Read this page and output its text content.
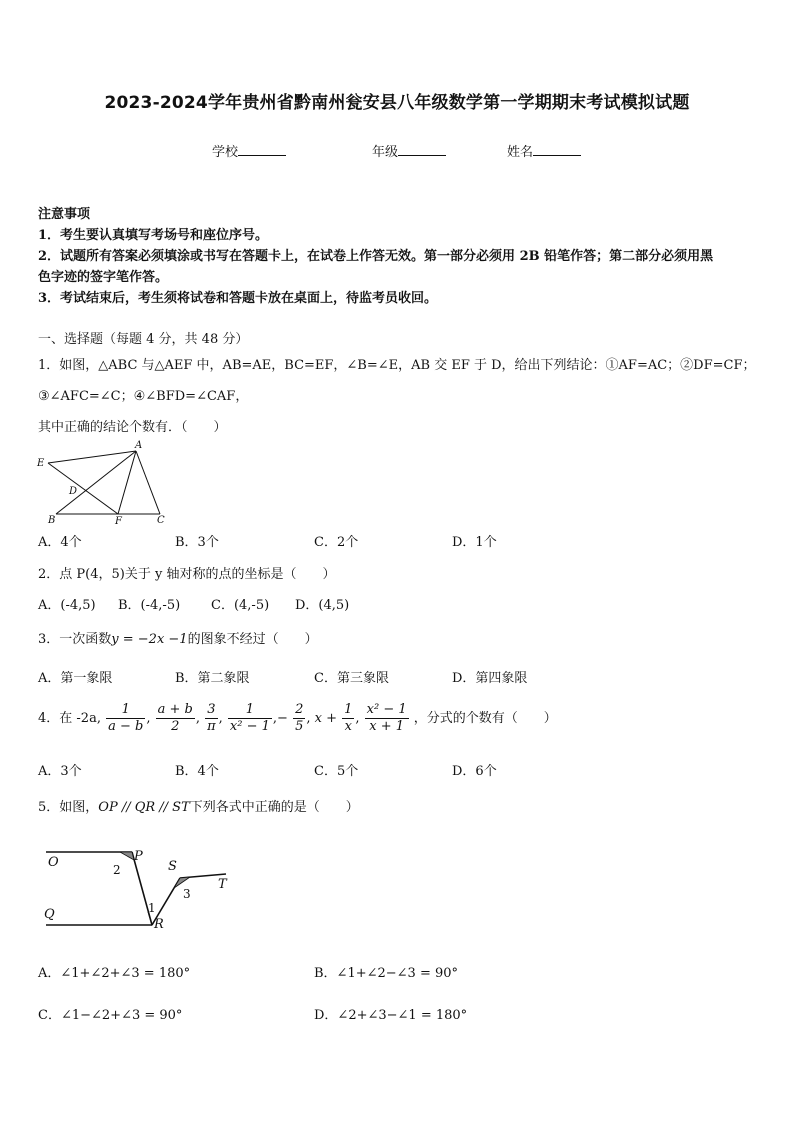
2023-2024学年贵州省黔南州瓮安县八年级数学第一学期期末考试模拟试题
学校	年级	姓名
注意事项
1．考生要认真填写考场号和座位序号。
2．试题所有答案必须填涂或书写在答题卡上，在试卷上作答无效。第一部分必须用 2B 铅笔作答；第二部分必须用黑
色字迹的签字笔作答。
3．考试结束后，考生须将试卷和答题卡放在桌面上，待监考员收回。
一、选择题（每题 4 分，共 48 分）
1．如图，△ABC 与△AEF 中，AB=AE，BC=EF，∠B=∠E，AB 交 EF 于 D，给出下列结论：①AF=AC；②DF=CF；
③∠AFC=∠C；④∠BFD=∠CAF，
其中正确的结论个数有．（　　）
A
E
D
B	F	C
A．4个	B．3个	C．2个	D．1个
2．点 P(4，5)关于 y 轴对称的点的坐标是（　　）
A．(-4,5) B．(-4,-5) C．(4,-5) D．(4,5)
3．一次函数y = −2x −1的图象不经过（　　）
A．第一象限	B．第二象限	C．第三象限	D．第四象限
4．在 -2a, $\frac{1}{a - b}$ , $\frac{a + b}{2}$ , $\frac{3}{\pi}$ , $\frac{1}{\text{x² − 1}}$ ,− $\frac{2}{5}$ , $x + \frac{1}{x}$ , $\frac{\text{x² − 1}}{x + 1}$ ，分式的个数有（　　）
A．3个	B．4个	C．5个	D．6个
5．如图，OP // QR // ST下列各式中正确的是（　　）
O	P
S
T
Q
R
2
3
1
A．∠1+∠2+∠3 = 180°	B．∠1+∠2−∠3 = 90°
C．∠1−∠2+∠3 = 90°	D．∠2+∠3−∠1 = 180°
